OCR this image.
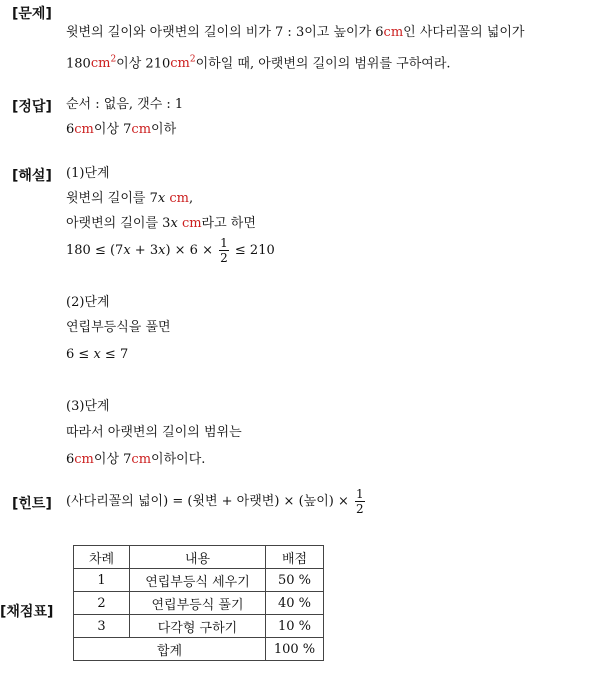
[문제]
윗변의 길이와 아랫변의 길이의 비가 7 : 3이고 높이가 6cm인 사다리꼴의 넓이가
$180cm^2$이상 $210cm^2$이하일 때, 아랫변의 길이의 범위를 구하여라.
[정답] 순서 : 없음, 갯수 : 1
6cm이상 7cm이하
[해설] (1)단계
윗변의 길이를 7x cm,
아랫변의 길이를 3x cm라고 하면
$180 \le (7x + 3x) \times 6 \times \frac{1}{2} \le 210$
(2)단계
연립부등식을 풀면
6 ≤ x ≤ 7
(3)단계
따라서 아랫변의 길이의 범위는
6cm이상 7cm이하이다.
[힌트] (사다리꼴의 넓이) = (윗변 + 아랫변) × (높이) × $\frac{1}{2}$
[채점표]
차례	내용	배점
1	연립부등식 세우기	50 %
2	연립부등식 풀기	40 %
3	다각형 구하기	10 %
합계		100 %
